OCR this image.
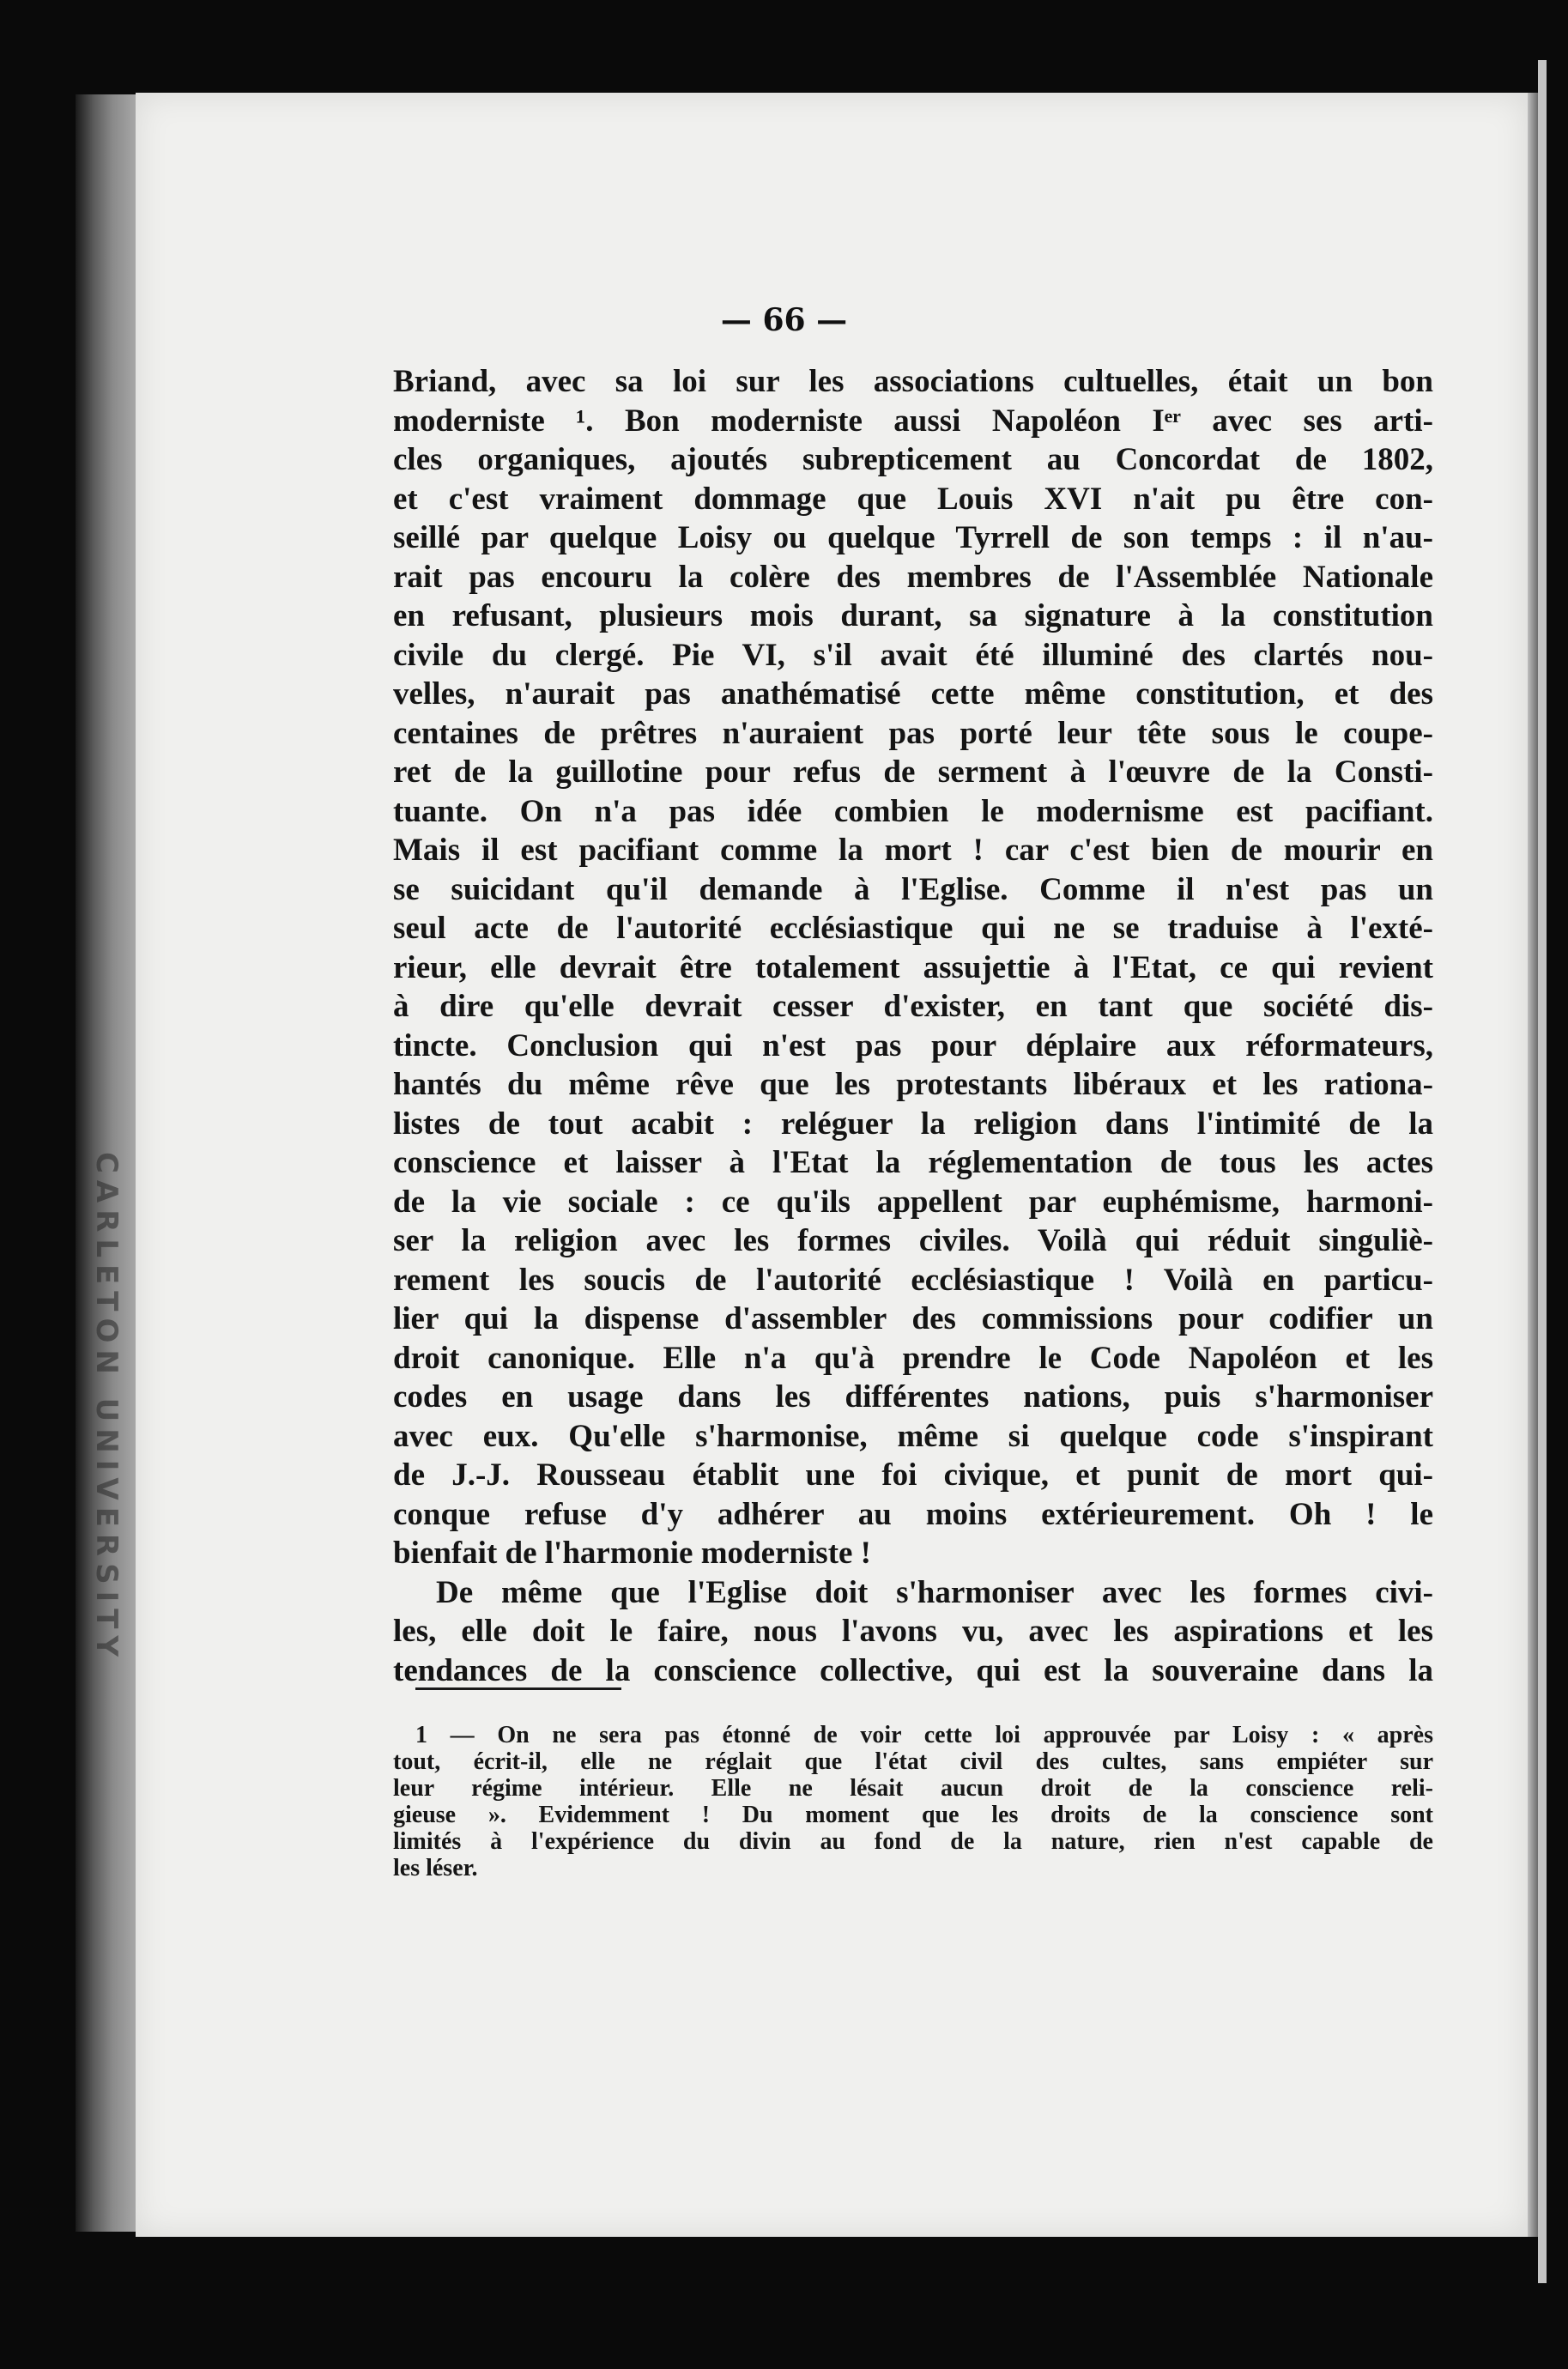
CARLETON UNIVERSITY
— 66 —
Briand, avec sa loi sur les associations cultuelles, était un bon
moderniste ¹. Bon moderniste aussi Napoléon Iᵉʳ avec ses arti-
cles organiques, ajoutés subrepticement au Concordat de 1802,
et c'est vraiment dommage que Louis XVI n'ait pu être con-
seillé par quelque Loisy ou quelque Tyrrell de son temps : il n'au-
rait pas encouru la colère des membres de l'Assemblée Nationale
en refusant, plusieurs mois durant, sa signature à la constitution
civile du clergé. Pie VI, s'il avait été illuminé des clartés nou-
velles, n'aurait pas anathématisé cette même constitution, et des
centaines de prêtres n'auraient pas porté leur tête sous le coupe-
ret de la guillotine pour refus de serment à l'œuvre de la Consti-
tuante. On n'a pas idée combien le modernisme est pacifiant.
Mais il est pacifiant comme la mort ! car c'est bien de mourir en
se suicidant qu'il demande à l'Eglise. Comme il n'est pas un
seul acte de l'autorité ecclésiastique qui ne se traduise à l'exté-
rieur, elle devrait être totalement assujettie à l'Etat, ce qui revient
à dire qu'elle devrait cesser d'exister, en tant que société dis-
tincte. Conclusion qui n'est pas pour déplaire aux réformateurs,
hantés du même rêve que les protestants libéraux et les rationa-
listes de tout acabit : reléguer la religion dans l'intimité de la
conscience et laisser à l'Etat la réglementation de tous les actes
de la vie sociale : ce qu'ils appellent par euphémisme, harmoni-
ser la religion avec les formes civiles. Voilà qui réduit singuliè-
rement les soucis de l'autorité ecclésiastique ! Voilà en particu-
lier qui la dispense d'assembler des commissions pour codifier un
droit canonique. Elle n'a qu'à prendre le Code Napoléon et les
codes en usage dans les différentes nations, puis s'harmoniser
avec eux. Qu'elle s'harmonise, même si quelque code s'inspirant
de J.-J. Rousseau établit une foi civique, et punit de mort qui-
conque refuse d'y adhérer au moins extérieurement. Oh ! le
bienfait de l'harmonie moderniste !
De même que l'Eglise doit s'harmoniser avec les formes civi-
les, elle doit le faire, nous l'avons vu, avec les aspirations et les
tendances de la conscience collective, qui est la souveraine dans la
1 — On ne sera pas étonné de voir cette loi approuvée par Loisy : « après
tout, écrit-il, elle ne réglait que l'état civil des cultes, sans empiéter sur
leur régime intérieur. Elle ne lésait aucun droit de la conscience reli-
gieuse ». Evidemment ! Du moment que les droits de la conscience sont
limités à l'expérience du divin au fond de la nature, rien n'est capable de
les léser.
